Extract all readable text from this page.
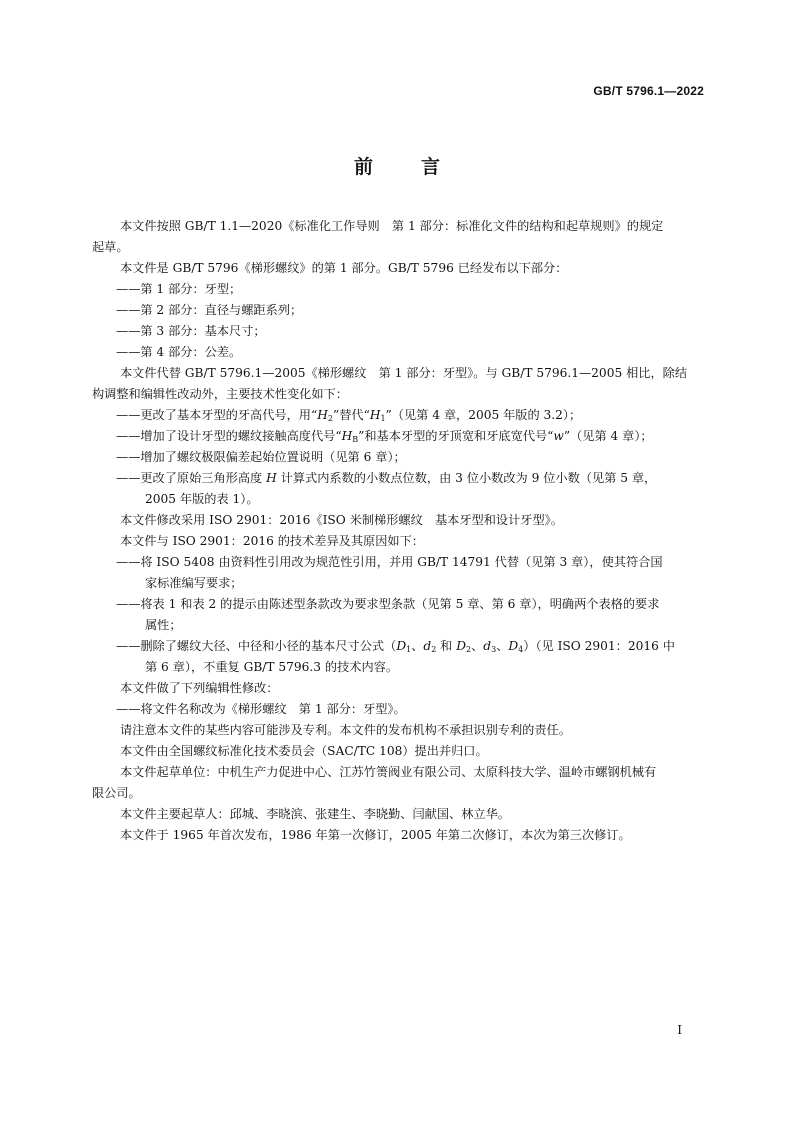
GB/T 5796.1—2022
前	言

本文件按照 GB/T 1.1—2020《标准化工作导则　第 1 部分：标准化文件的结构和起草规则》的规定

起草。

本文件是 GB/T 5796《梯形螺纹》的第 1 部分。GB/T 5796 已经发布以下部分：

——第 1 部分：牙型；

——第 2 部分：直径与螺距系列；

——第 3 部分：基本尺寸；

——第 4 部分：公差。

本文件代替 GB/T 5796.1—2005《梯形螺纹　第 1 部分：牙型》。与 GB/T 5796.1—2005 相比，除结

构调整和编辑性改动外，主要技术性变化如下：

——更改了基本牙型的牙高代号，用“$H_2$”替代“$H_1$”（见第 4 章，2005 年版的 3.2）；

——增加了设计牙型的螺纹接触高度代号“$H_B$”和基本牙型的牙顶宽和牙底宽代号“w”（见第 4 章）；

——增加了螺纹极限偏差起始位置说明（见第 6 章）；

——更改了原始三角形高度 H 计算式内系数的小数点位数，由 3 位小数改为 9 位小数（见第 5 章，

2005 年版的表 1）。

本文件修改采用 ISO 2901：2016《ISO 米制梯形螺纹　基本牙型和设计牙型》。

本文件与 ISO 2901：2016 的技术差异及其原因如下：

——将 ISO 5408 由资料性引用改为规范性引用，并用 GB/T 14791 代替（见第 3 章），使其符合国

家标准编写要求；

——将表 1 和表 2 的提示由陈述型条款改为要求型条款（见第 5 章、第 6 章），明确两个表格的要求

属性；

——删除了螺纹大径、中径和小径的基本尺寸公式（$D_1$、$d_2$ 和 $D_2$、$d_3$、$D_4$）（见 ISO 2901：2016 中

第 6 章），不重复 GB/T 5796.3 的技术内容。

本文件做了下列编辑性修改：

——将文件名称改为《梯形螺纹　第 1 部分：牙型》。

请注意本文件的某些内容可能涉及专利。本文件的发布机构不承担识别专利的责任。

本文件由全国螺纹标准化技术委员会（SAC/TC 108）提出并归口。

本文件起草单位：中机生产力促进中心、江苏竹箦阀业有限公司、太原科技大学、温岭市螺钢机械有

限公司。

本文件主要起草人：邱城、李晓滨、张建生、李晓勤、闫献国、林立华。

本文件于 1965 年首次发布，1986 年第一次修订，2005 年第二次修订，本次为第三次修订。

I
